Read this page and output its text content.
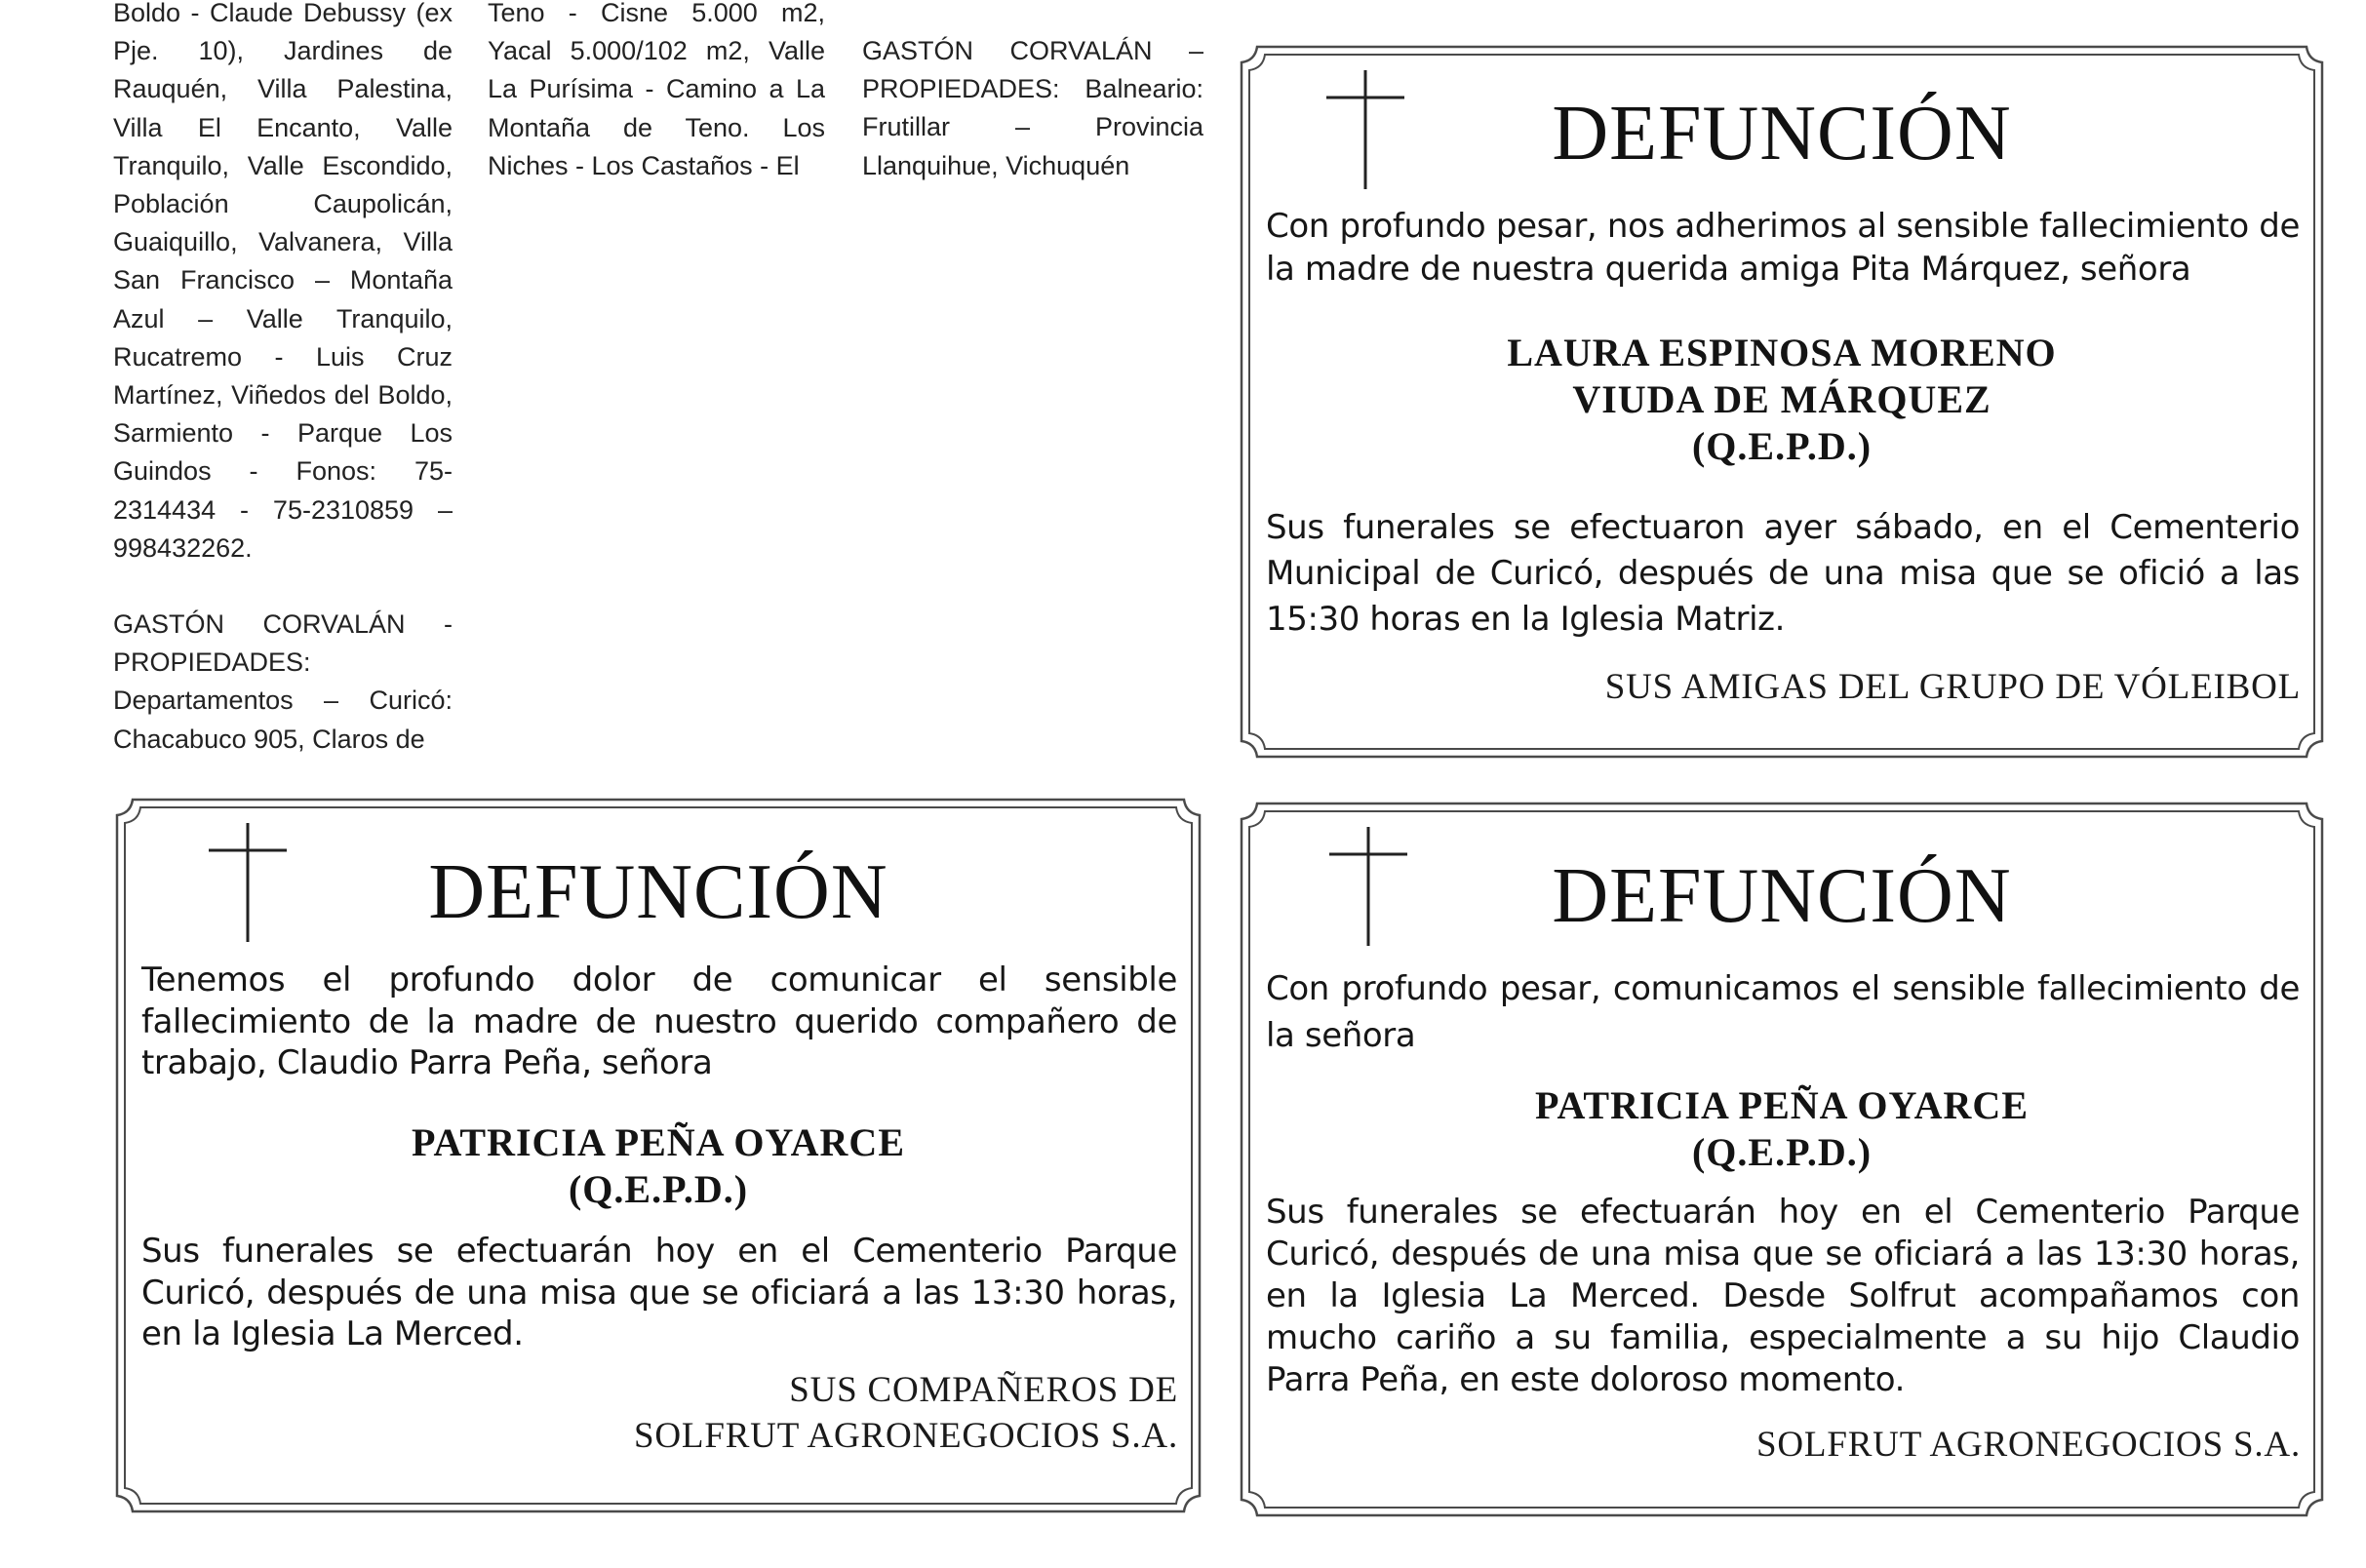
Boldo - Claude Debussy (ex Pje. 10), Jardines de Rauquén, Villa Palestina, Villa El Encanto, Valle Tranquilo, Valle Escondido, Población Caupolicán, Guaiquillo, Valvanera, Villa San Francisco – Montaña Azul – Valle Tranquilo, Rucatremo - Luis Cruz Martínez, Viñedos del Boldo, Sarmiento - Parque Los Guindos - Fonos: 75-2314434 - 75-2310859 – 998432262.

GASTÓN CORVALÁN - PROPIEDADES: Departamentos – Curicó: Chacabuco 905, Claros de

Teno - Cisne 5.000 m2, Yacal 5.000/102 m2, Valle La Purísima - Camino a La Montaña de Teno. Los Niches - Los Castaños - El

GASTÓN CORVALÁN – PROPIEDADES: Balneario: Frutillar – Provincia Llanquihue, Vichuquén	DEFUNCIÓN
Con profundo pesar, nos adherimos al sensible fallecimiento de la madre de nuestra querida amiga Pita Márquez, señora
LAURA ESPINOSA MORENO
VIUDA DE MÁRQUEZ
(Q.E.P.D.)
Sus funerales se efectuaron ayer sábado, en el Cementerio Municipal de Curicó, después de una misa que se ofició a las 15:30 horas en la Iglesia Matriz.
SUS AMIGAS DEL GRUPO DE VÓLEIBOL
DEFUNCIÓN
Tenemos el profundo dolor de comunicar el sensible fallecimiento de la madre de nuestro querido compañero de trabajo, Claudio Parra Peña, señora
PATRICIA PEÑA OYARCE
(Q.E.P.D.)
Sus funerales se efectuarán hoy en el Cementerio Parque Curicó, después de una misa que se oficiará a las 13:30 horas, en la Iglesia La Merced.
SUS COMPAÑEROS DE
SOLFRUT AGRONEGOCIOS S.A.
DEFUNCIÓN
Con profundo pesar, comunicamos el sensible fallecimiento de la señora
PATRICIA PEÑA OYARCE
(Q.E.P.D.)
Sus funerales se efectuarán hoy en el Cementerio Parque Curicó, después de una misa que se oficiará a las 13:30 horas, en la Iglesia La Merced. Desde Solfrut acompañamos con mucho cariño a su familia, especialmente a su hijo Claudio Parra Peña, en este doloroso momento.
SOLFRUT AGRONEGOCIOS S.A.
